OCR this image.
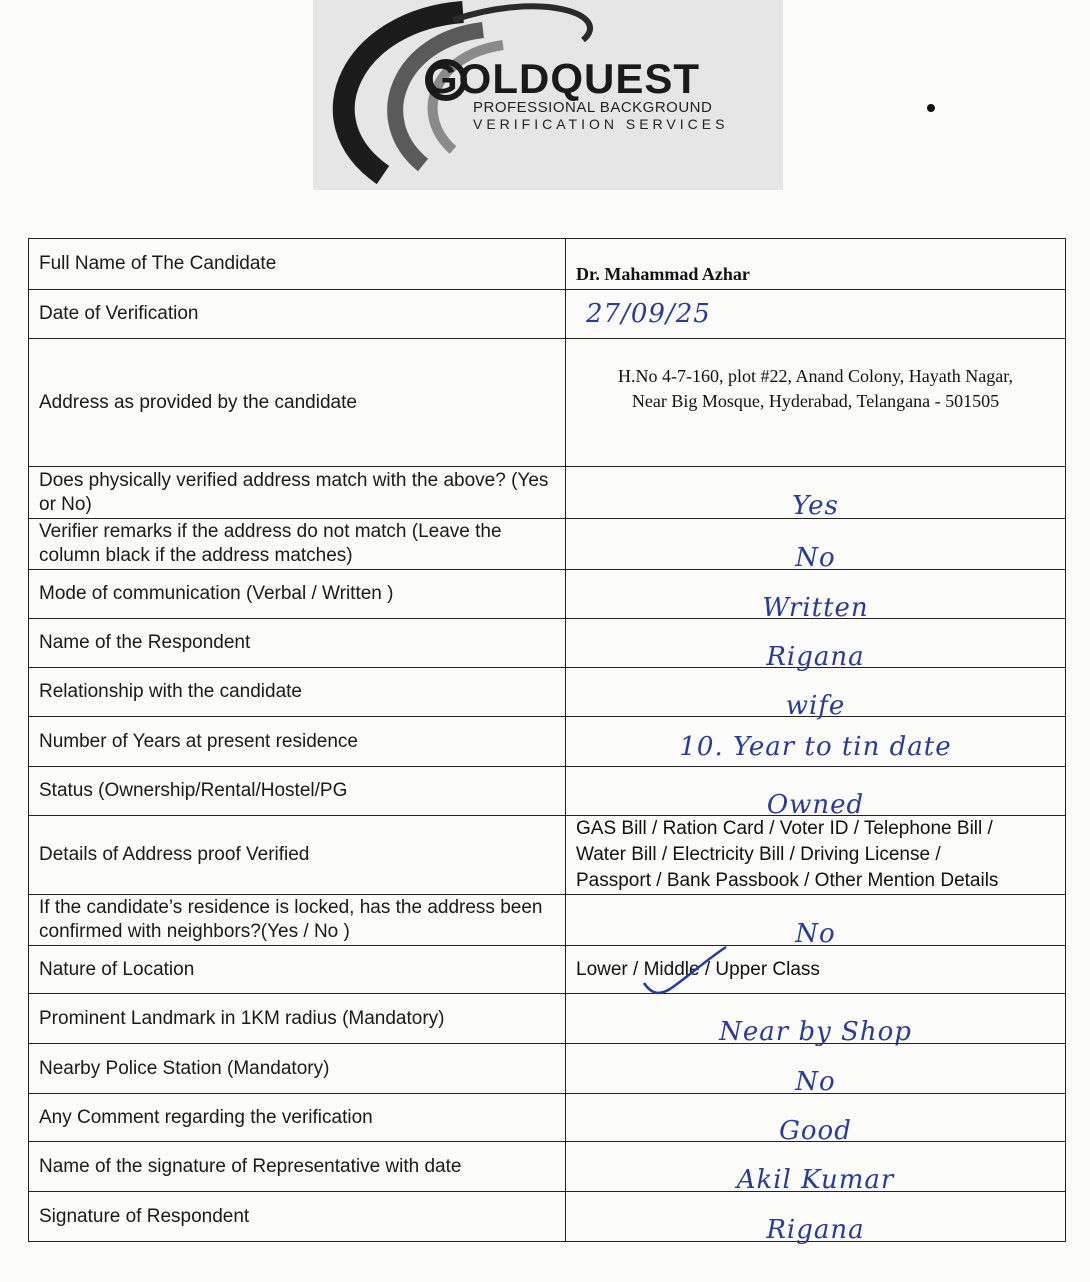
GOLDQUEST
PROFESSIONAL BACKGROUND
VERIFICATION SERVICES
Full Name of The Candidate	Dr. Mahammad Azhar

Date of Verification	27/09/25

Address as provided by the candidate	H.No 4-7-160, plot #22, Anand Colony, Hayath Nagar,
Near Big Mosque, Hyderabad, Telangana - 501505

Does physically verified address match with the above? (Yes or No)	Yes

Verifier remarks if the address do not match (Leave the column black if the address matches)	No

Mode of communication (Verbal / Written )	Written

Name of the Respondent	Rigana

Relationship with the candidate	wife

Number of Years at present residence	10. Year to tin date

Status (Ownership/Rental/Hostel/PG	Owned

Details of Address proof Verified	GAS Bill / Ration Card / Voter ID / Telephone Bill /
Water Bill / Electricity Bill / Driving License /
Passport / Bank Passbook / Other Mention Details

If the candidate’s residence is locked, has the address been confirmed with neighbors?(Yes / No )	No

Nature of Location	Lower / Middle / Upper Class

Prominent Landmark in 1KM radius (Mandatory)	Near by Shop

Nearby Police Station (Mandatory)	No

Any Comment regarding the verification	Good

Name of the signature of Representative with date	Akil Kumar

Signature of Respondent	Rigana
